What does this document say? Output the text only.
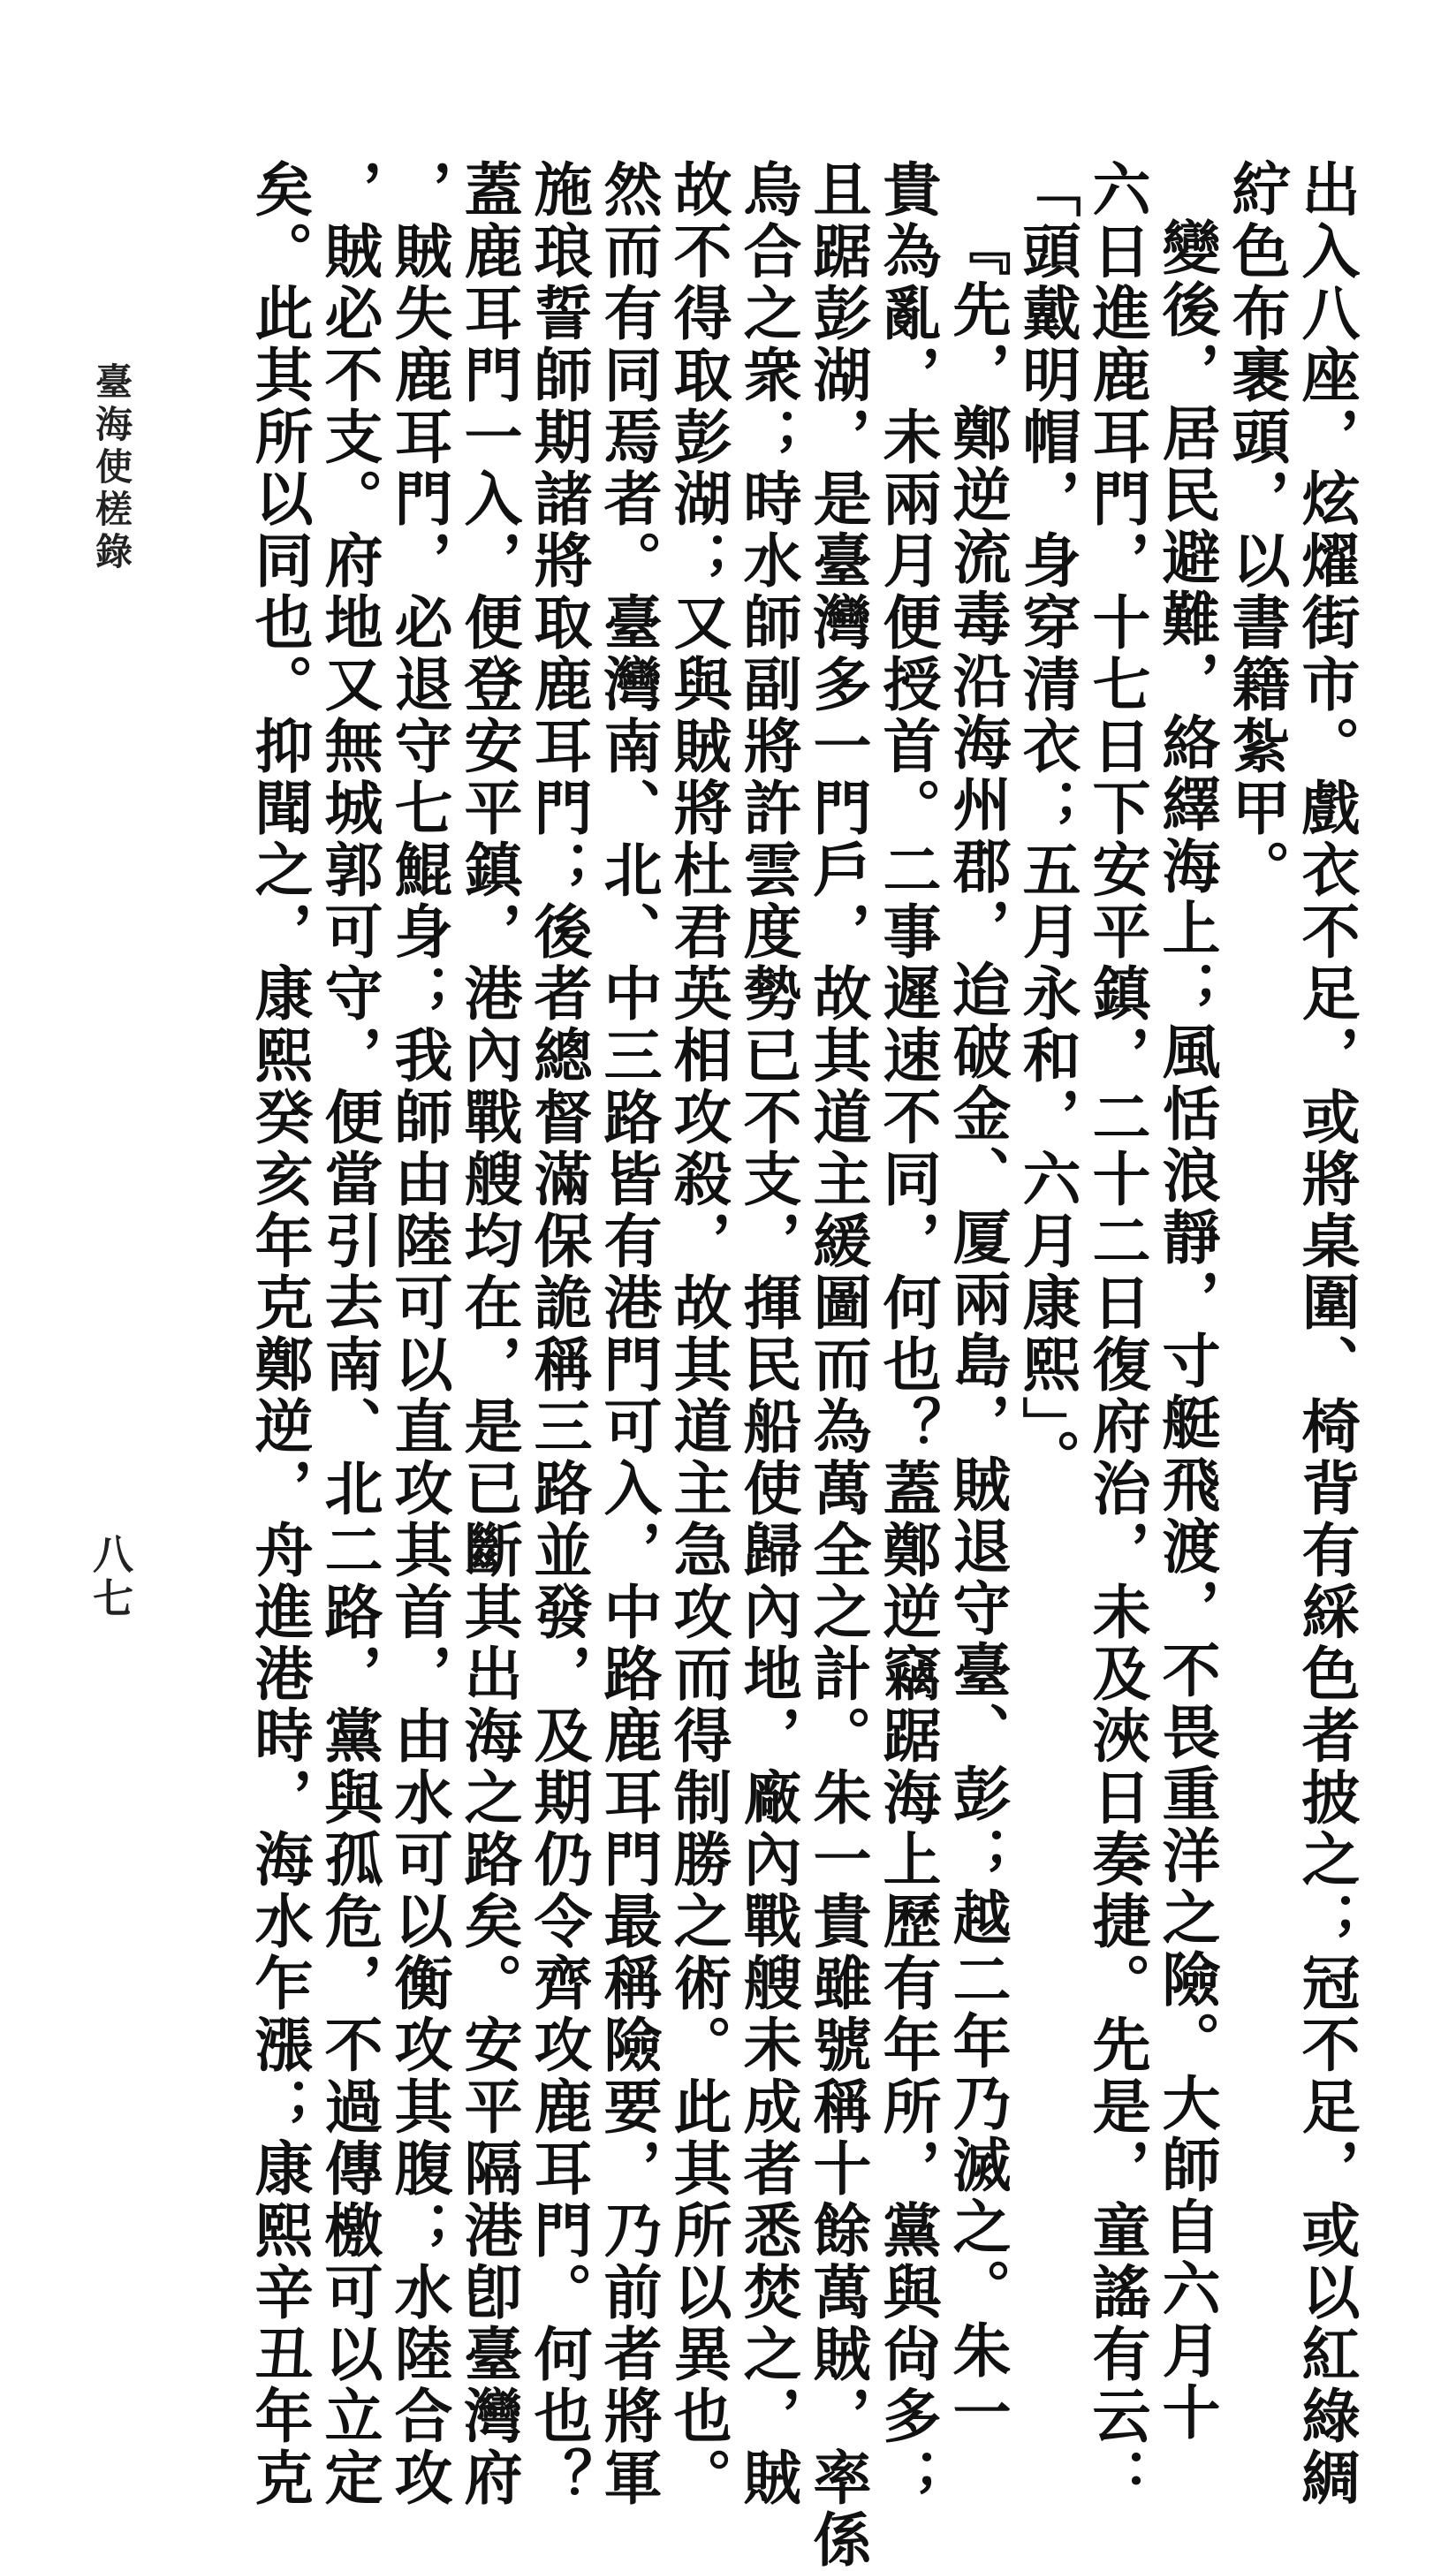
出入八座，炫燿街市。戲衣不足，或將桌圍、椅背有綵色者披之；冠不足，或以紅綠綢

紵色布裹頭，以書籍紮甲。

變後，居民避難，絡繹海上；風恬浪靜，寸艇飛渡，不畏重洋之險。大師自六月十

六日進鹿耳門，十七日下安平鎮，二十二日復府治，未及浹日奏捷。先是，童謠有云：

「頭戴明帽，身穿清衣；五月永和，六月康熙」。

『先，鄭逆流毒沿海州郡，迨破金、厦兩島，賊退守臺、彭；越二年乃滅之。朱一

貴為亂，未兩月便授首。二事遲速不同，何也？蓋鄭逆竊踞海上歷有年所，黨與尙多；

且踞彭湖，是臺灣多一門戶，故其道主緩圖而為萬全之計。朱一貴雖號稱十餘萬賊，率係

烏合之衆；時水師副將許雲度勢已不支，揮民船使歸內地，廠內戰艘未成者悉焚之，賊

故不得取彭湖；又與賊將杜君英相攻殺，故其道主急攻而得制勝之術。此其所以異也。

然而有同焉者。臺灣南、北、中三路皆有港門可入，中路鹿耳門最稱險要，乃前者將軍

施琅誓師期諸將取鹿耳門；後者總督滿保詭稱三路並發，及期仍令齊攻鹿耳門。何也？

蓋鹿耳門一入，便登安平鎮，港內戰艘均在，是已斷其出海之路矣。安平隔港卽臺灣府

，賊失鹿耳門，必退守七鯤身；我師由陸可以直攻其首，由水可以衡攻其腹；水陸合攻

，賊必不支。府地又無城郭可守，便當引去南、北二路，黨與孤危，不過傳檄可以立定

矣。此其所以同也。抑聞之，康熙癸亥年克鄭逆，舟進港時，海水乍漲；康熙辛丑年克

臺海使槎錄
八七
